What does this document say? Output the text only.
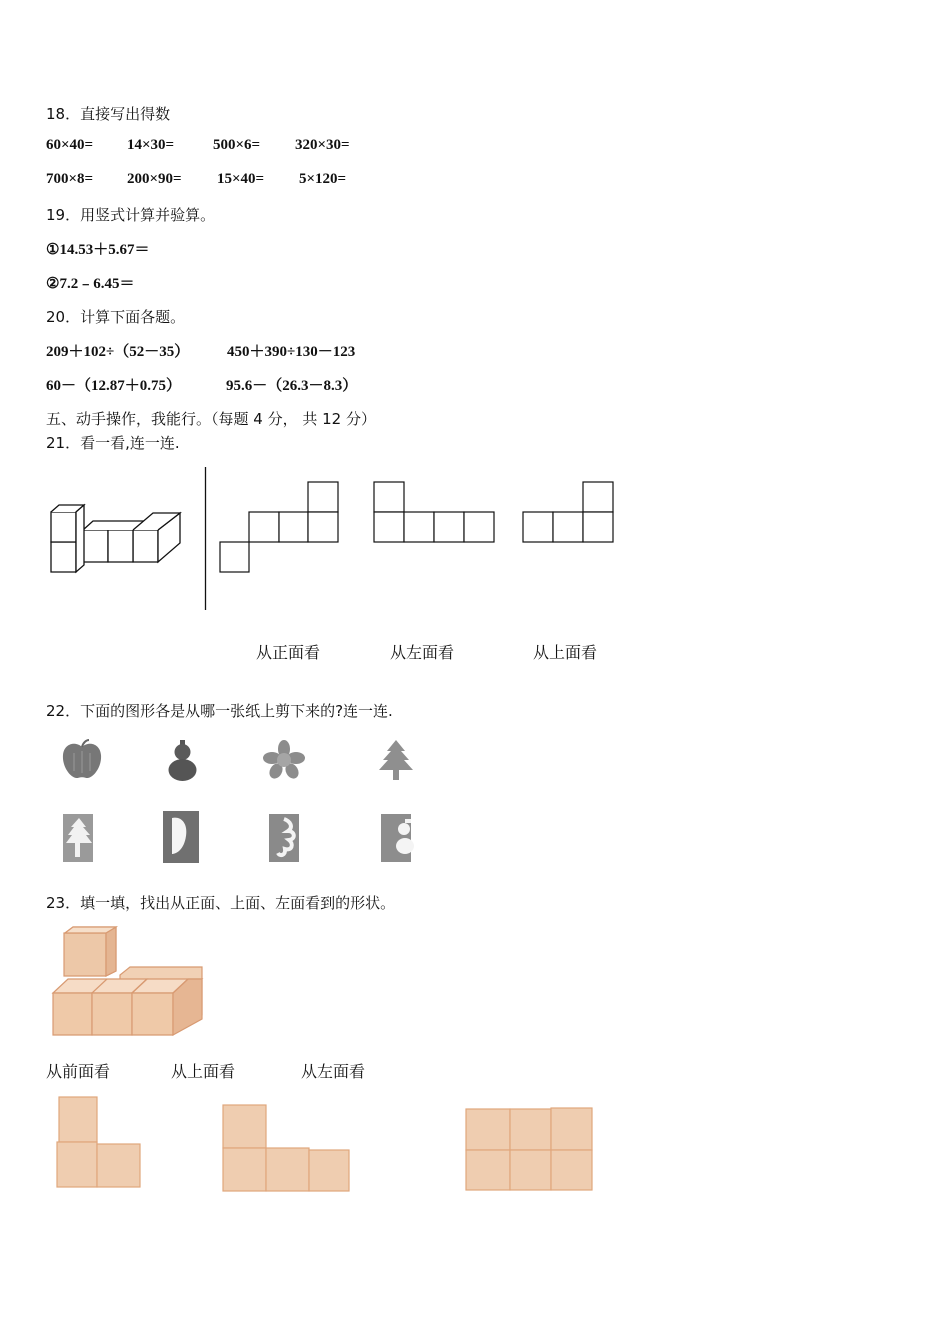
18．直接写出得数
60×40= 14×30=	500×6= 320×30=
700×8= 200×90= 15×40= 5×120=
19．用竖式计算并验算。
①14.53＋5.67＝
②7.2﹣6.45＝
20．计算下面各题。
209＋102÷（52－35）	450＋390÷130－123
60－（12.87＋0.75）	95.6－（26.3－8.3）
五、动手操作，我能行。（每题 4 分， 共 12 分）
21．看一看,连一连.
从正面看	从左面看	从上面看
22．下面的图形各是从哪一张纸上剪下来的?连一连.
23．填一填，找出从正面、上面、左面看到的形状。
从前面看	从上面看	从左面看
